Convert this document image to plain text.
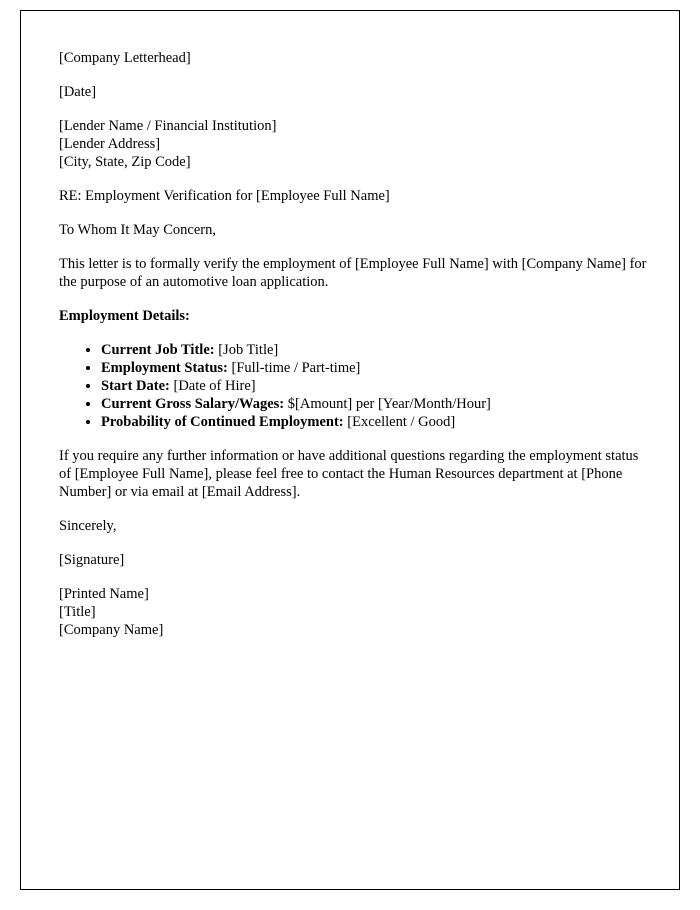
[Company Letterhead]

[Date]

[Lender Name / Financial Institution]

[Lender Address]

[City, State, Zip Code]

RE: Employment Verification for [Employee Full Name]

To Whom It May Concern,

This letter is to formally verify the employment of [Employee Full Name] with [Company Name] for the purpose of an automotive loan application.

Employment Details:

• Current Job Title: [Job Title]
• Employment Status: [Full-time / Part-time]
• Start Date: [Date of Hire]
• Current Gross Salary/Wages: $[Amount] per [Year/Month/Hour]
• Probability of Continued Employment: [Excellent / Good]

If you require any further information or have additional questions regarding the employment status of [Employee Full Name], please feel free to contact the Human Resources department at [Phone Number] or via email at [Email Address].

Sincerely,

[Signature]

[Printed Name]

[Title]

[Company Name]
